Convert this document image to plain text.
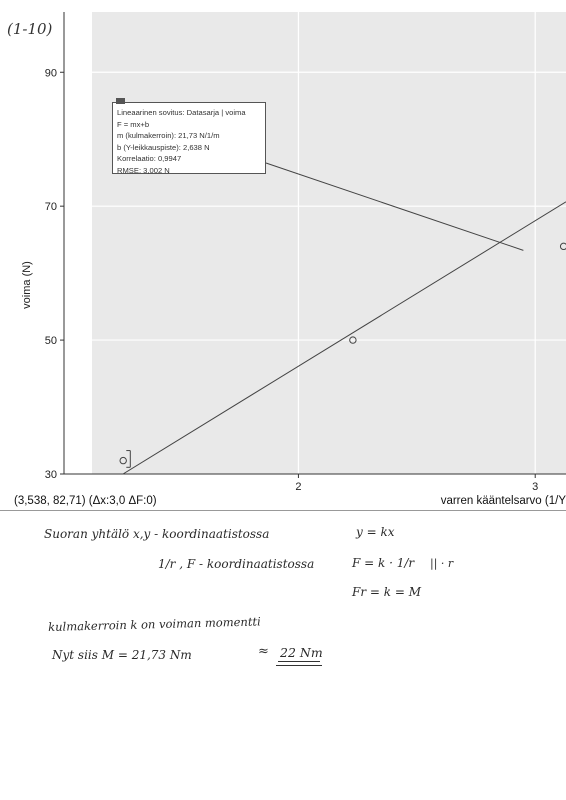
30
50
70
90
2	3
voima (N)
(1-10)
Lineaarinen sovitus: Datasarja | voima
F = mx+b
m (kulmakerroin): 21,73 N/1/m
b (Y-leikkauspiste): 2,638 N
Korrelaatio: 0,9947
RMSE: 3,002 N
(3,538, 82,71) (Δx:3,0 ΔF:0)	varren kääntelsarvo (1/Y
Suoran yhtälö x,y - koordinaatistossa	y = kx
1/r , F - koordinaatistossa	F = k · 1/r || · r
Fr = k = M
kulmakerroin k on voiman momentti
Nyt siis M = 21,73 Nm	≈ 22 Nm
